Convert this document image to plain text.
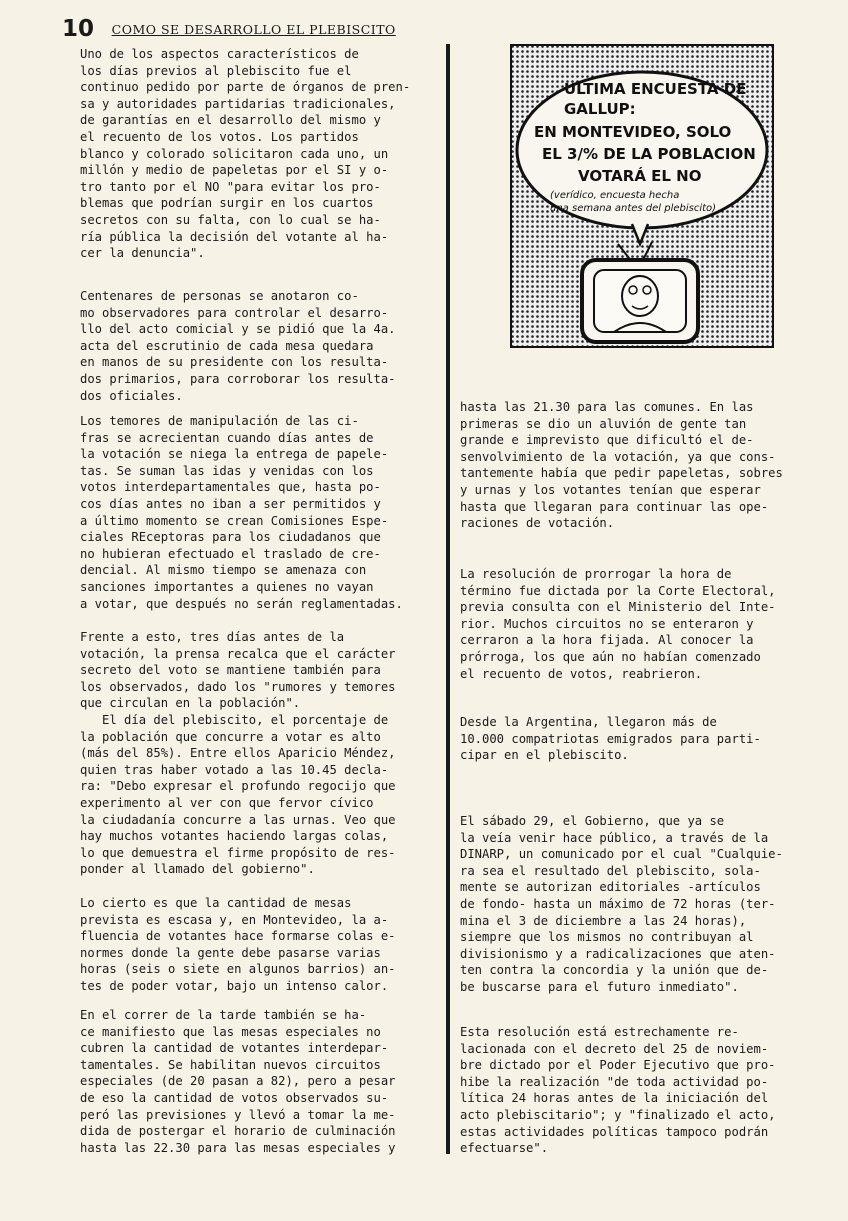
10 COMO SE DESARROLLO EL PLEBISCITO

Uno de los aspectos característicos de
los días previos al plebiscito fue el
continuo pedido por parte de órganos de pren-
sa y autoridades partidarias tradicionales,
de garantías en el desarrollo del mismo y
el recuento de los votos. Los partidos
blanco y colorado solicitaron cada uno, un
millón y medio de papeletas por el SI y o-
tro tanto por el NO "para evitar los pro-
blemas que podrían surgir en los cuartos
secretos con su falta, con lo cual se ha-
ría pública la decisión del votante al ha-
cer la denuncia".

Centenares de personas se anotaron co-
mo observadores para controlar el desarro-
llo del acto comicial y se pidió que la 4a.
acta del escrutinio de cada mesa quedara
en manos de su presidente con los resulta-
dos primarios, para corroborar los resulta-
dos oficiales.

Los temores de manipulación de las ci-
fras se acrecientan cuando días antes de
la votación se niega la entrega de papele-
tas. Se suman las idas y venidas con los
votos interdepartamentales que, hasta po-
cos días antes no iban a ser permitidos y
a último momento se crean Comisiones Espe-
ciales REceptoras para los ciudadanos que
no hubieran efectuado el traslado de cre-
dencial. Al mismo tiempo se amenaza con
sanciones importantes a quienes no vayan
a votar, que después no serán reglamentadas.

Frente a esto, tres días antes de la
votación, la prensa recalca que el carácter
secreto del voto se mantiene también para
los observados, dado los "rumores y temores
que circulan en la población".
El día del plebiscito, el porcentaje de
la población que concurre a votar es alto
(más del 85%). Entre ellos Aparicio Méndez,
quien tras haber votado a las 10.45 decla-
ra: "Debo expresar el profundo regocijo que
experimento al ver con que fervor cívico
la ciudadanía concurre a las urnas. Veo que
hay muchos votantes haciendo largas colas,
lo que demuestra el firme propósito de res-
ponder al llamado del gobierno".

Lo cierto es que la cantidad de mesas
prevista es escasa y, en Montevideo, la a-
fluencia de votantes hace formarse colas e-
normes donde la gente debe pasarse varias
horas (seis o siete en algunos barrios) an-
tes de poder votar, bajo un intenso calor.

En el correr de la tarde también se ha-
ce manifiesto que las mesas especiales no
cubren la cantidad de votantes interdepar-
tamentales. Se habilitan nuevos circuitos
especiales (de 20 pasan a 82), pero a pesar
de eso la cantidad de votos observados su-
peró las previsiones y llevó a tomar la me-
dida de postergar el horario de culminación
hasta las 22.30 para las mesas especiales y

ULTIMA ENCUESTA DE
GALLUP:
EN MONTEVIDEO, SOLO
EL 3/% DE LA POBLACION
VOTARÁ EL NO
(verídico, encuesta hecha
una semana antes del plebiscito)

hasta las 21.30 para las comunes. En las
primeras se dio un aluvión de gente tan
grande e imprevisto que dificultó el de-
senvolvimiento de la votación, ya que cons-
tantemente había que pedir papeletas, sobres
y urnas y los votantes tenían que esperar
hasta que llegaran para continuar las ope-
raciones de votación.

La resolución de prorrogar la hora de
término fue dictada por la Corte Electoral,
previa consulta con el Ministerio del Inte-
rior. Muchos circuitos no se enteraron y
cerraron a la hora fijada. Al conocer la
prórroga, los que aún no habían comenzado
el recuento de votos, reabrieron.

Desde la Argentina, llegaron más de
10.000 compatriotas emigrados para parti-
cipar en el plebiscito.

El sábado 29, el Gobierno, que ya se
la veía venir hace público, a través de la
DINARP, un comunicado por el cual "Cualquie-
ra sea el resultado del plebiscito, sola-
mente se autorizan editoriales -artículos
de fondo- hasta un máximo de 72 horas (ter-
mina el 3 de diciembre a las 24 horas),
siempre que los mismos no contribuyan al
divisionismo y a radicalizaciones que aten-
ten contra la concordia y la unión que de-
be buscarse para el futuro inmediato".

Esta resolución está estrechamente re-
lacionada con el decreto del 25 de noviem-
bre dictado por el Poder Ejecutivo que pro-
hibe la realización "de toda actividad po-
lítica 24 horas antes de la iniciación del
acto plebiscitario"; y "finalizado el acto,
estas actividades políticas tampoco podrán
efectuarse".
